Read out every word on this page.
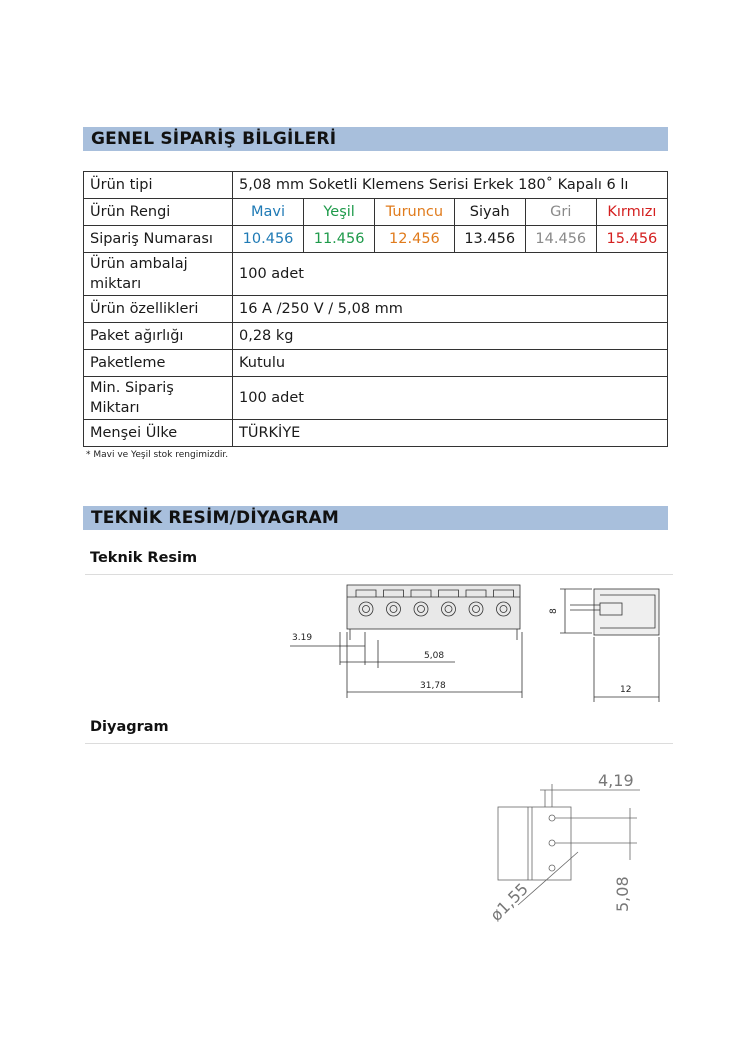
GENEL SİPARİŞ BİLGİLERİ
Ürün tipi	5,08 mm Soketli Klemens Serisi Erkek 180˚ Kapalı 6 lı					
Ürün Rengi	Mavi	Yeşil	Turuncu	Siyah	Gri	Kırmızı
Sipariş Numarası	10.456	11.456	12.456	13.456	14.456	15.456
Ürün ambalaj
miktarı	100 adet					
Ürün özellikleri	16 A /250 V / 5,08 mm					
Paket ağırlığı	0,28 kg					
Paketleme	Kutulu					
Min. Sipariş
Miktarı	100 adet					
Menşei Ülke	TÜRKİYE					
* Mavi ve Yeşil stok rengimizdir.
TEKNİK RESİM/DİYAGRAM
Teknik Resim
3.19
5,08
31,78
8
12
Diyagram
4,19
5,08
ø1,55
